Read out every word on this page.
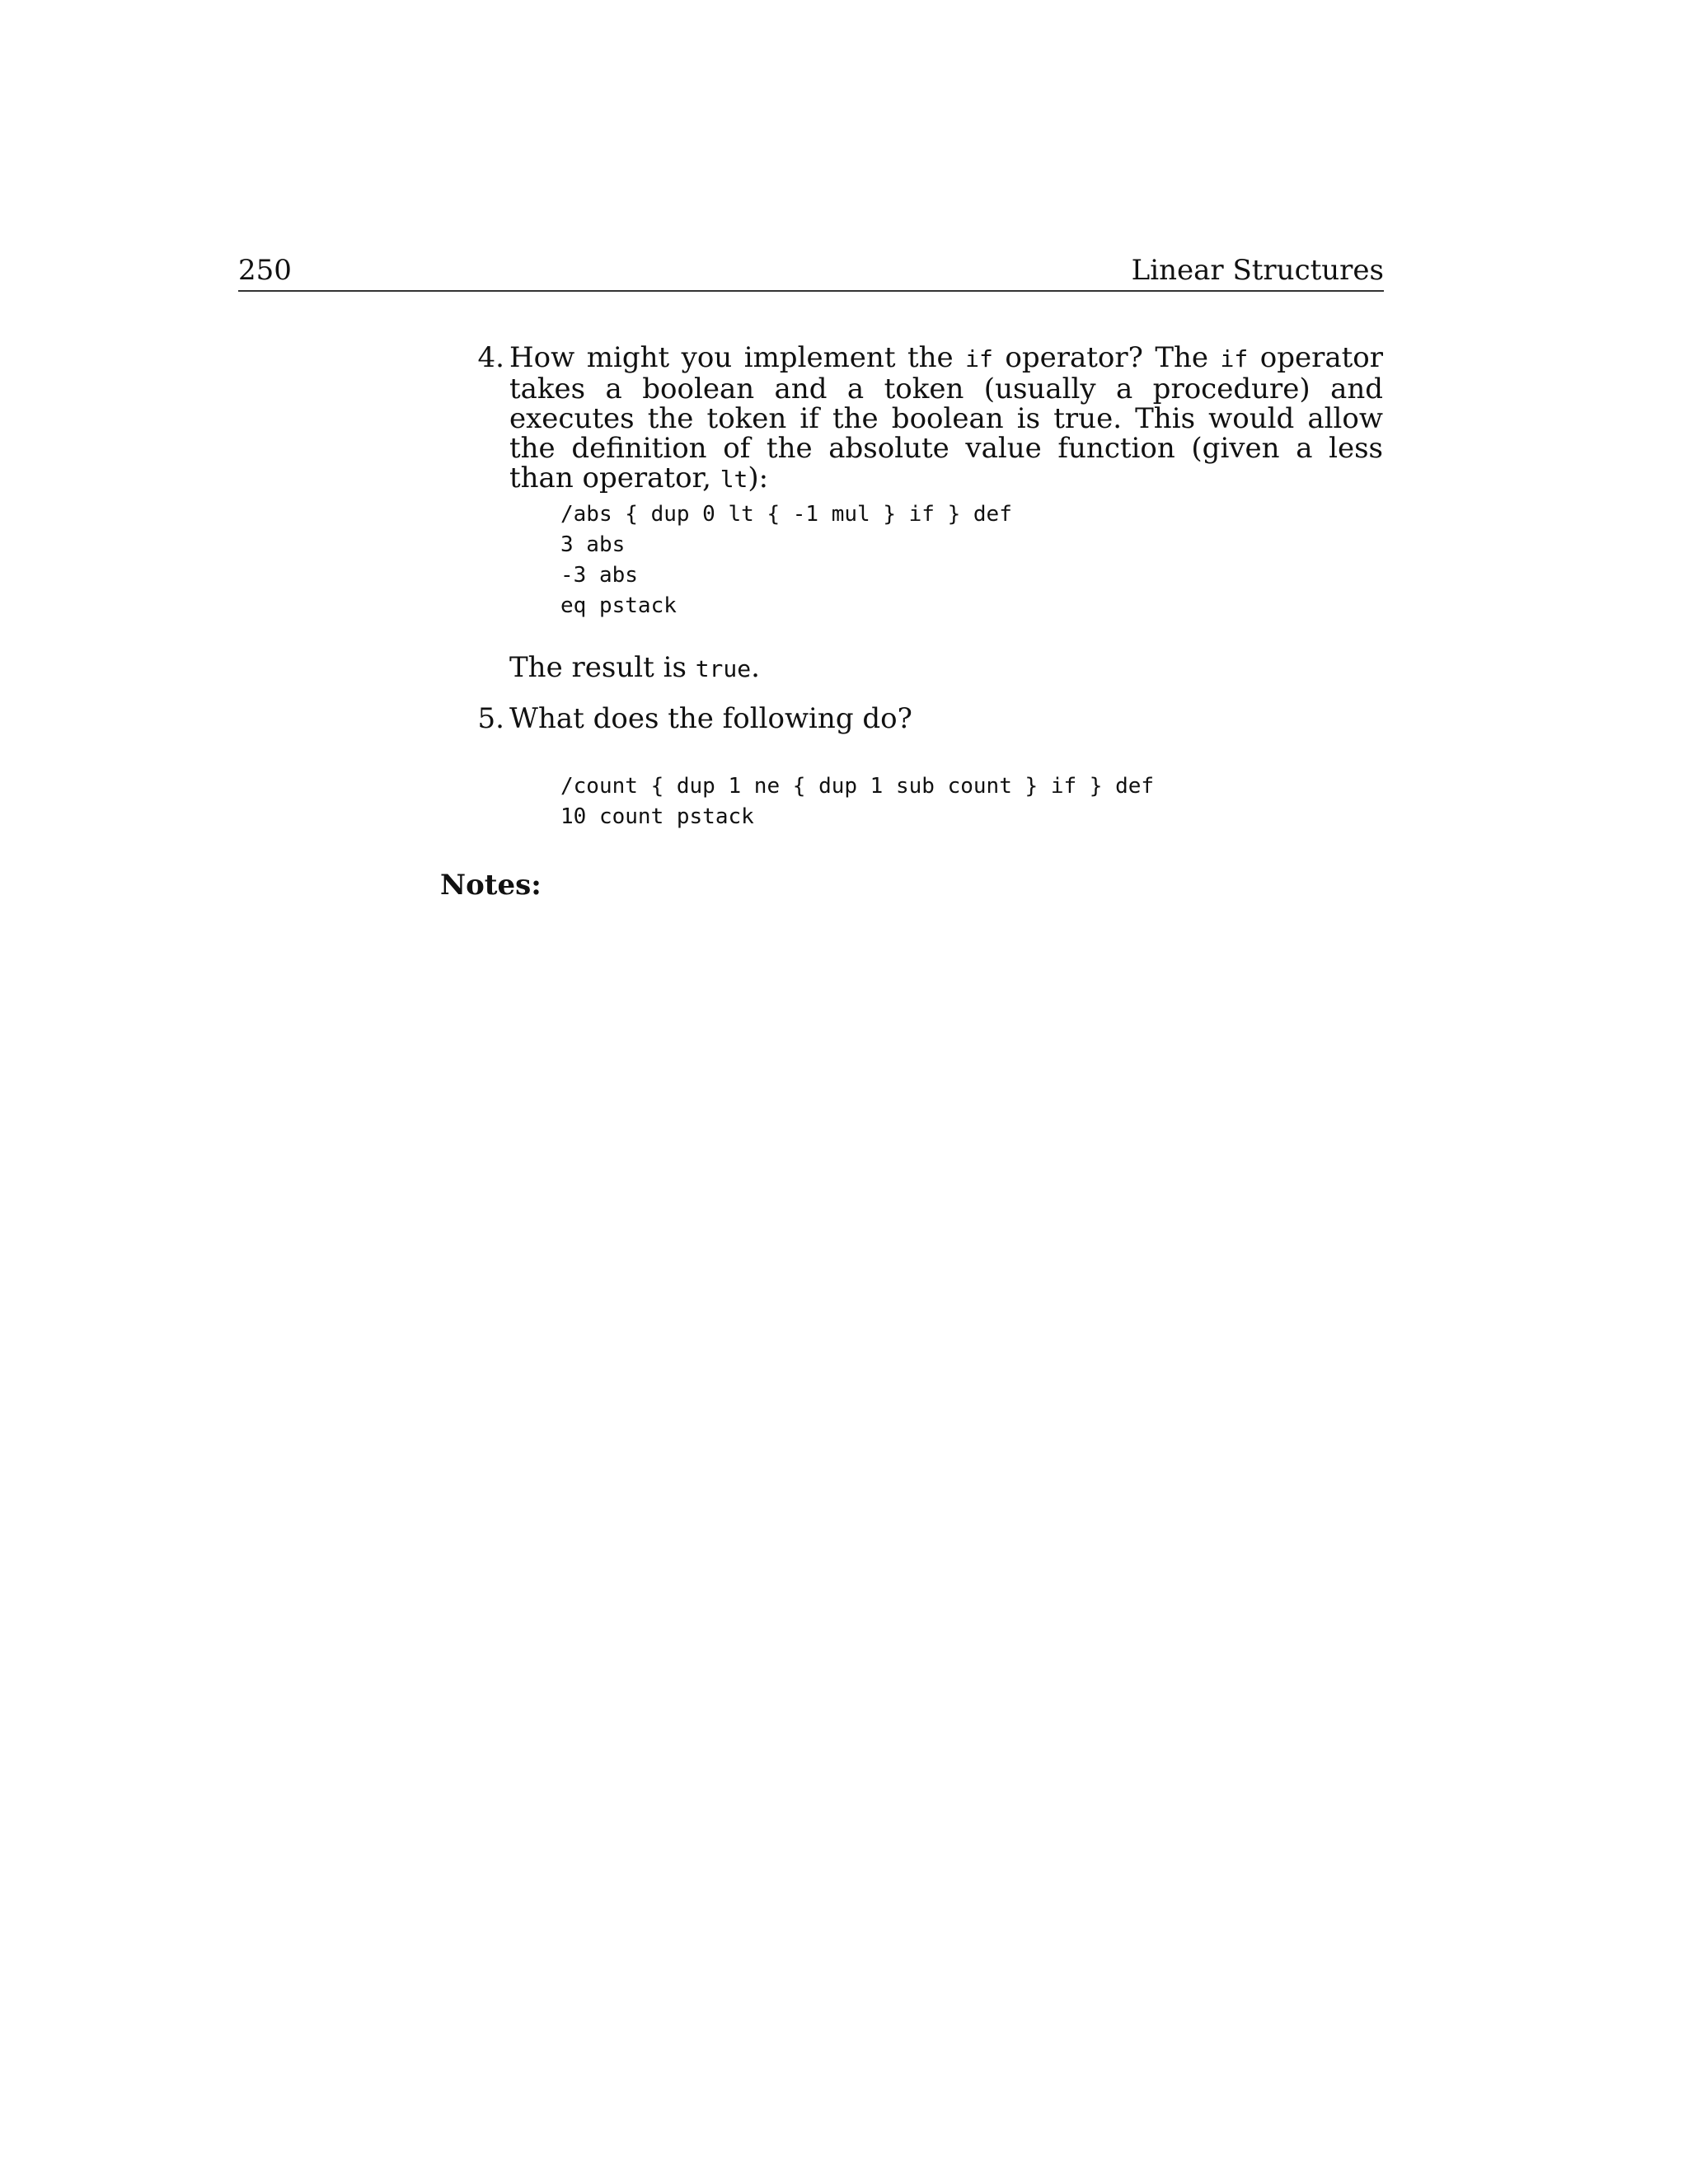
250	Linear Structures
4. How might you implement the if operator? The if operator takes a boolean and a token (usually a procedure) and executes the token if the boolean is true. This would allow the definition of the absolute value function (given a less than operator, lt):

/abs { dup 0 lt { -1 mul } if } def
3 abs
-3 abs
eq pstack

The result is true.

5. What does the following do?

/count { dup 1 ne { dup 1 sub count } if } def
10 count pstack
Notes:
